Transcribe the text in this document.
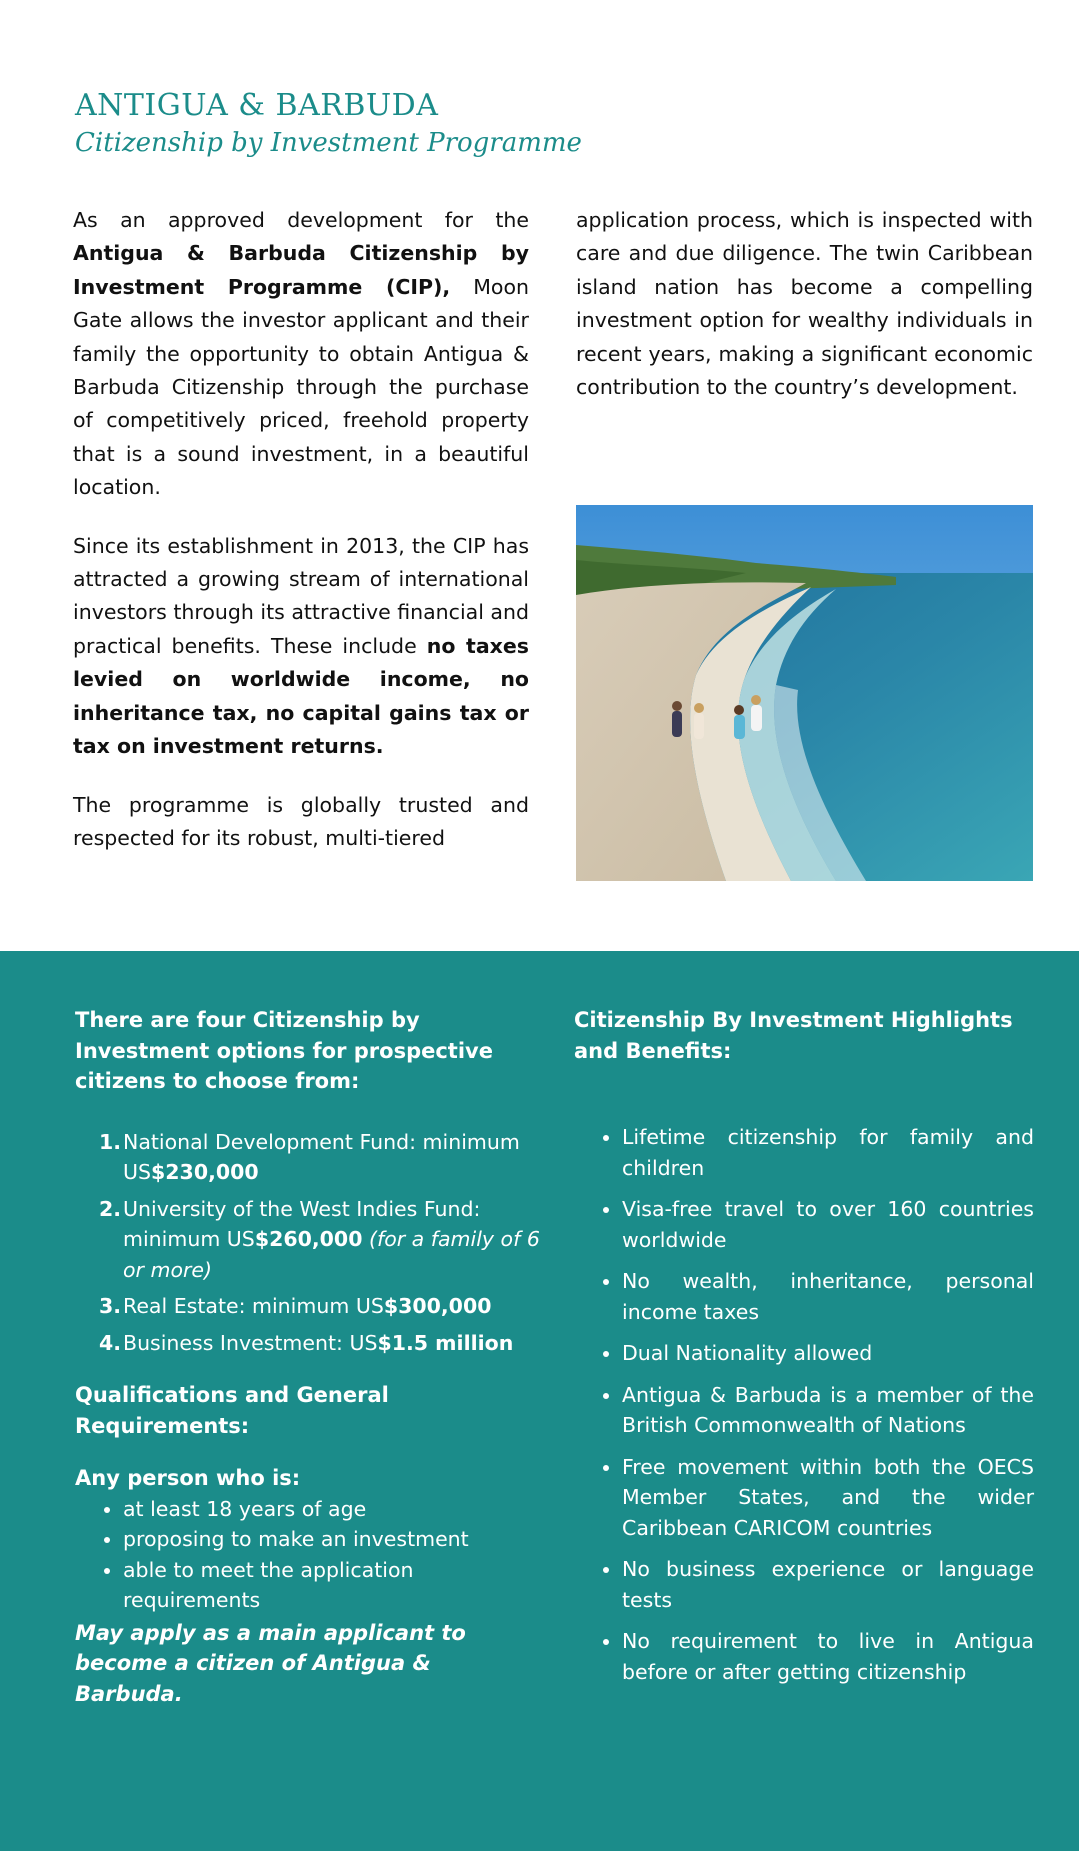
ANTIGUA & BARBUDA
Citizenship by Investment Programme

As an approved development for the Antigua & Barbuda Citizenship by Investment Programme (CIP), Moon Gate allows the investor applicant and their family the opportunity to obtain Antigua & Barbuda Citizenship through the purchase of competitively priced, freehold property that is a sound investment, in a beautiful location.

Since its establishment in 2013, the CIP has attracted a growing stream of international investors through its attractive financial and practical benefits. These include no taxes levied on worldwide income, no inheritance tax, no capital gains tax or tax on investment returns.

The programme is globally trusted and respected for its robust, multi-tiered

application process, which is inspected with care and due diligence. The twin Caribbean island nation has become a compelling investment option for wealthy individuals in recent years, making a significant economic contribution to the country’s development.

There are four Citizenship by Investment options for prospective citizens to choose from:
1. National Development Fund: minimum US$230,000
2. University of the West Indies Fund: minimum US$260,000 (for a family of 6 or more)
3. Real Estate: minimum US$300,000
4. Business Investment: US$1.5 million
Qualifications and General Requirements:
Any person who is:
• at least 18 years of age
• proposing to make an investment
• able to meet the application requirements

May apply as a main applicant to become a citizen of Antigua & Barbuda.

Citizenship By Investment Highlights and Benefits:
• Lifetime citizenship for family and children
• Visa-free travel to over 160 countries worldwide
• No wealth, inheritance, personal income taxes
• Dual Nationality allowed
• Antigua & Barbuda is a member of the British Commonwealth of Nations
• Free movement within both the OECS Member States, and the wider Caribbean CARICOM countries
• No business experience or language tests
• No requirement to live in Antigua before or after getting citizenship
